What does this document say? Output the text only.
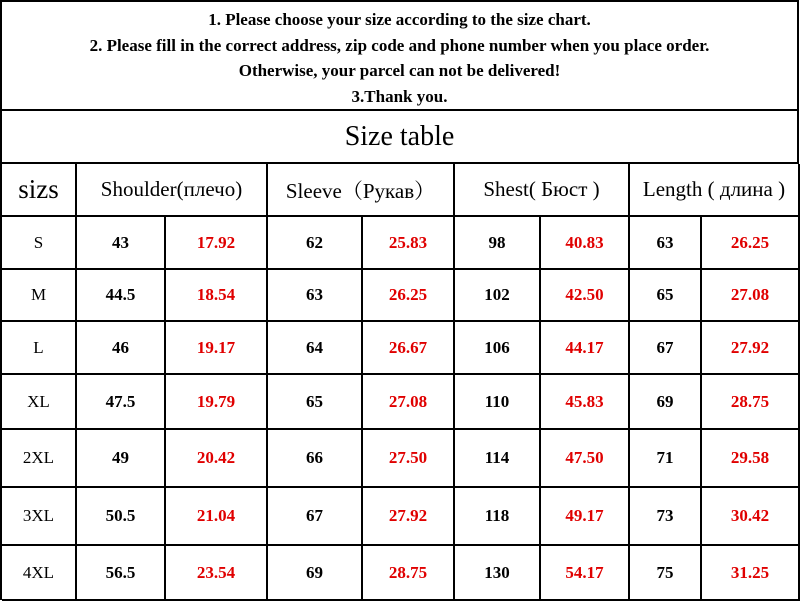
1. Please choose your size according to the size chart.
2. Please fill in the correct address, zip code and phone number when you place order.
Otherwise, your parcel can not be delivered!
3.Thank you.
Size table
sizs	Shoulder(плечо)		Sleeve（Рукав）		Shest( Бюст )		Length ( длина )	
S	43	17.92	62	25.83	98	40.83	63	26.25
M	44.5	18.54	63	26.25	102	42.50	65	27.08
L	46	19.17	64	26.67	106	44.17	67	27.92
XL	47.5	19.79	65	27.08	110	45.83	69	28.75
2XL	49	20.42	66	27.50	114	47.50	71	29.58
3XL	50.5	21.04	67	27.92	118	49.17	73	30.42
4XL	56.5	23.54	69	28.75	130	54.17	75	31.25
